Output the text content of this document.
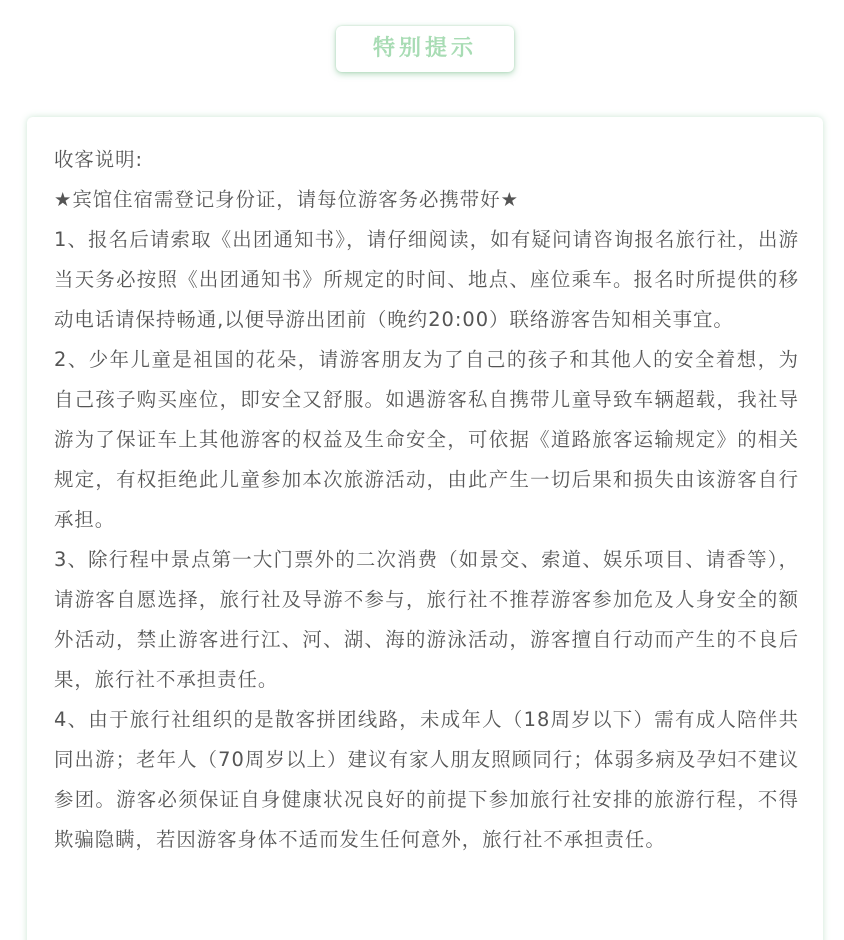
特别提示

收客说明:

★宾馆住宿需登记身份证，请每位游客务必携带好★

1、报名后请索取《出团通知书》，请仔细阅读，如有疑问请咨询报名旅行社，出游当天务必按照《出团通知书》所规定的时间、地点、座位乘车。报名时所提供的移动电话请保持畅通,以便导游出团前（晚约20:00）联络游客告知相关事宜。

2、少年儿童是祖国的花朵，请游客朋友为了自己的孩子和其他人的安全着想，为自己孩子购买座位，即安全又舒服。如遇游客私自携带儿童导致车辆超载，我社导游为了保证车上其他游客的权益及生命安全，可依据《道路旅客运输规定》的相关规定，有权拒绝此儿童参加本次旅游活动，由此产生一切后果和损失由该游客自行承担。

3、除行程中景点第一大门票外的二次消费（如景交、索道、娱乐项目、请香等），请游客自愿选择，旅行社及导游不参与，旅行社不推荐游客参加危及人身安全的额外活动，禁止游客进行江、河、湖、海的游泳活动，游客擅自行动而产生的不良后果，旅行社不承担责任。

4、由于旅行社组织的是散客拼团线路，未成年人（18周岁以下）需有成人陪伴共同出游；老年人（70周岁以上）建议有家人朋友照顾同行；体弱多病及孕妇不建议参团。游客必须保证自身健康状况良好的前提下参加旅行社安排的旅游行程，不得欺骗隐瞒，若因游客身体不适而发生任何意外，旅行社不承担责任。
